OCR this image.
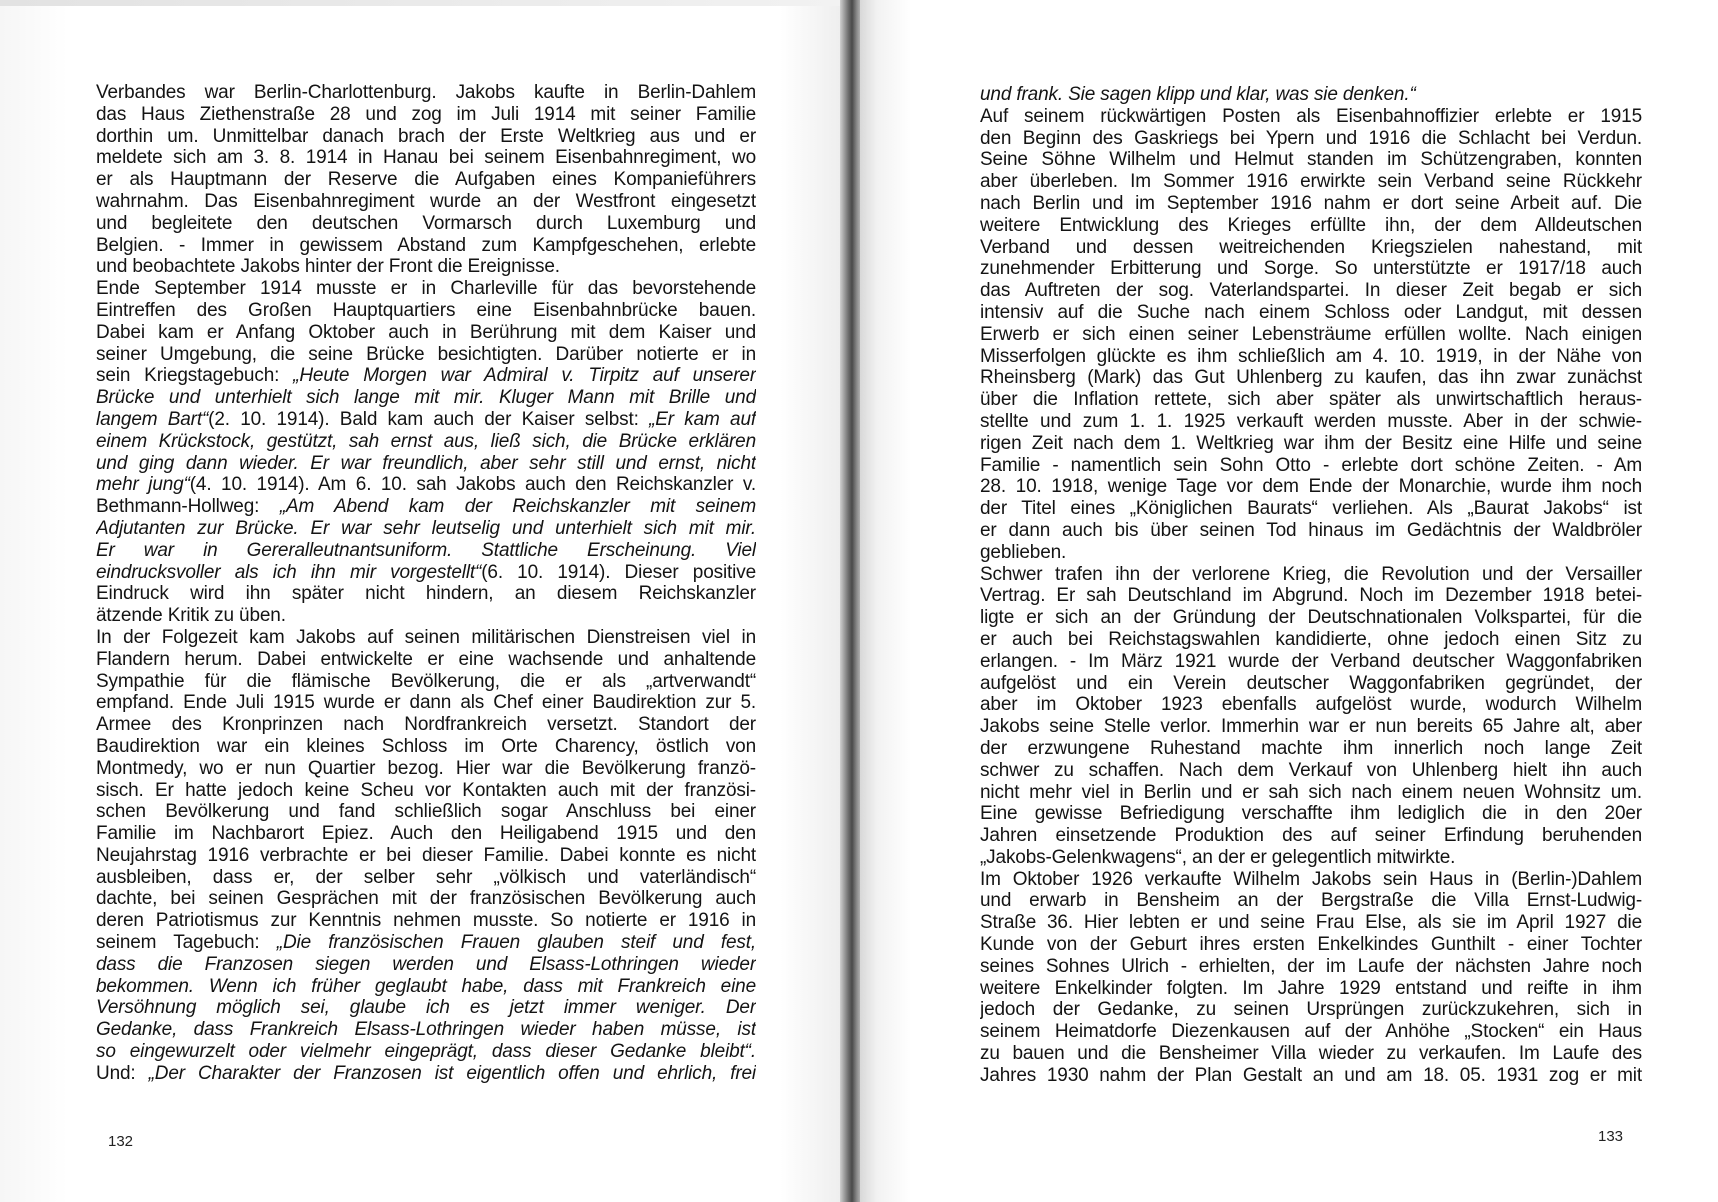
Verbandes war Berlin-Charlottenburg. Jakobs kaufte in Berlin-Dahlem
das Haus Ziethenstraße 28 und zog im Juli 1914 mit seiner Familie
dorthin um. Unmittelbar danach brach der Erste Weltkrieg aus und er
meldete sich am 3. 8. 1914 in Hanau bei seinem Eisenbahnregiment, wo
er als Hauptmann der Reserve die Aufgaben eines Kompanieführers
wahrnahm. Das Eisenbahnregiment wurde an der Westfront eingesetzt
und begleitete den deutschen Vormarsch durch Luxemburg und
Belgien. - Immer in gewissem Abstand zum Kampfgeschehen, erlebte
und beobachtete Jakobs hinter der Front die Ereignisse.
Ende September 1914 musste er in Charleville für das bevorstehende
Eintreffen des Großen Hauptquartiers eine Eisenbahnbrücke bauen.
Dabei kam er Anfang Oktober auch in Berührung mit dem Kaiser und
seiner Umgebung, die seine Brücke besichtigten. Darüber notierte er in
sein Kriegstagebuch: „Heute Morgen war Admiral v. Tirpitz auf unserer
Brücke und unterhielt sich lange mit mir. Kluger Mann mit Brille und
langem Bart“(2. 10. 1914). Bald kam auch der Kaiser selbst: „Er kam auf
einem Krückstock, gestützt, sah ernst aus, ließ sich, die Brücke erklären
und ging dann wieder. Er war freundlich, aber sehr still und ernst, nicht
mehr jung“(4. 10. 1914). Am 6. 10. sah Jakobs auch den Reichskanzler v.
Bethmann-Hollweg: „Am Abend kam der Reichskanzler mit seinem
Adjutanten zur Brücke. Er war sehr leutselig und unterhielt sich mit mir.
Er war in Gereralleutnantsuniform. Stattliche Erscheinung. Viel
eindrucksvoller als ich ihn mir vorgestellt“(6. 10. 1914). Dieser positive
Eindruck wird ihn später nicht hindern, an diesem Reichskanzler
ätzende Kritik zu üben.
In der Folgezeit kam Jakobs auf seinen militärischen Dienstreisen viel in
Flandern herum. Dabei entwickelte er eine wachsende und anhaltende
Sympathie für die flämische Bevölkerung, die er als „artverwandt“
empfand. Ende Juli 1915 wurde er dann als Chef einer Baudirektion zur 5.
Armee des Kronprinzen nach Nordfrankreich versetzt. Standort der
Baudirektion war ein kleines Schloss im Orte Charency, östlich von
Montmedy, wo er nun Quartier bezog. Hier war die Bevölkerung franzö-
sisch. Er hatte jedoch keine Scheu vor Kontakten auch mit der französi-
schen Bevölkerung und fand schließlich sogar Anschluss bei einer
Familie im Nachbarort Epiez. Auch den Heiligabend 1915 und den
Neujahrstag 1916 verbrachte er bei dieser Familie. Dabei konnte es nicht
ausbleiben, dass er, der selber sehr „völkisch und vaterländisch“
dachte, bei seinen Gesprächen mit der französischen Bevölkerung auch
deren Patriotismus zur Kenntnis nehmen musste. So notierte er 1916 in
seinem Tagebuch: „Die französischen Frauen glauben steif und fest,
dass die Franzosen siegen werden und Elsass-Lothringen wieder
bekommen. Wenn ich früher geglaubt habe, dass mit Frankreich eine
Versöhnung möglich sei, glaube ich es jetzt immer weniger. Der
Gedanke, dass Frankreich Elsass-Lothringen wieder haben müsse, ist
so eingewurzelt oder vielmehr eingeprägt, dass dieser Gedanke bleibt“.
Und: „Der Charakter der Franzosen ist eigentlich offen und ehrlich, frei
132
und frank. Sie sagen klipp und klar, was sie denken.“
Auf seinem rückwärtigen Posten als Eisenbahnoffizier erlebte er 1915
den Beginn des Gaskriegs bei Ypern und 1916 die Schlacht bei Verdun.
Seine Söhne Wilhelm und Helmut standen im Schützengraben, konnten
aber überleben. Im Sommer 1916 erwirkte sein Verband seine Rückkehr
nach Berlin und im September 1916 nahm er dort seine Arbeit auf. Die
weitere Entwicklung des Krieges erfüllte ihn, der dem Alldeutschen
Verband und dessen weitreichenden Kriegszielen nahestand, mit
zunehmender Erbitterung und Sorge. So unterstützte er 1917/18 auch
das Auftreten der sog. Vaterlandspartei. In dieser Zeit begab er sich
intensiv auf die Suche nach einem Schloss oder Landgut, mit dessen
Erwerb er sich einen seiner Lebensträume erfüllen wollte. Nach einigen
Misserfolgen glückte es ihm schließlich am 4. 10. 1919, in der Nähe von
Rheinsberg (Mark) das Gut Uhlenberg zu kaufen, das ihn zwar zunächst
über die Inflation rettete, sich aber später als unwirtschaftlich heraus-
stellte und zum 1. 1. 1925 verkauft werden musste. Aber in der schwie-
rigen Zeit nach dem 1. Weltkrieg war ihm der Besitz eine Hilfe und seine
Familie - namentlich sein Sohn Otto - erlebte dort schöne Zeiten. - Am
28. 10. 1918, wenige Tage vor dem Ende der Monarchie, wurde ihm noch
der Titel eines „Königlichen Baurats“ verliehen. Als „Baurat Jakobs“ ist
er dann auch bis über seinen Tod hinaus im Gedächtnis der Waldbröler
geblieben.
Schwer trafen ihn der verlorene Krieg, die Revolution und der Versailler
Vertrag. Er sah Deutschland im Abgrund. Noch im Dezember 1918 betei-
ligte er sich an der Gründung der Deutschnationalen Volkspartei, für die
er auch bei Reichstagswahlen kandidierte, ohne jedoch einen Sitz zu
erlangen. - Im März 1921 wurde der Verband deutscher Waggonfabriken
aufgelöst und ein Verein deutscher Waggonfabriken gegründet, der
aber im Oktober 1923 ebenfalls aufgelöst wurde, wodurch Wilhelm
Jakobs seine Stelle verlor. Immerhin war er nun bereits 65 Jahre alt, aber
der erzwungene Ruhestand machte ihm innerlich noch lange Zeit
schwer zu schaffen. Nach dem Verkauf von Uhlenberg hielt ihn auch
nicht mehr viel in Berlin und er sah sich nach einem neuen Wohnsitz um.
Eine gewisse Befriedigung verschaffte ihm lediglich die in den 20er
Jahren einsetzende Produktion des auf seiner Erfindung beruhenden
„Jakobs-Gelenkwagens“, an der er gelegentlich mitwirkte.
Im Oktober 1926 verkaufte Wilhelm Jakobs sein Haus in (Berlin-)Dahlem
und erwarb in Bensheim an der Bergstraße die Villa Ernst-Ludwig-
Straße 36. Hier lebten er und seine Frau Else, als sie im April 1927 die
Kunde von der Geburt ihres ersten Enkelkindes Gunthilt - einer Tochter
seines Sohnes Ulrich - erhielten, der im Laufe der nächsten Jahre noch
weitere Enkelkinder folgten. Im Jahre 1929 entstand und reifte in ihm
jedoch der Gedanke, zu seinen Ursprüngen zurückzukehren, sich in
seinem Heimatdorfe Diezenkausen auf der Anhöhe „Stocken“ ein Haus
zu bauen und die Bensheimer Villa wieder zu verkaufen. Im Laufe des
Jahres 1930 nahm der Plan Gestalt an und am 18. 05. 1931 zog er mit
133
